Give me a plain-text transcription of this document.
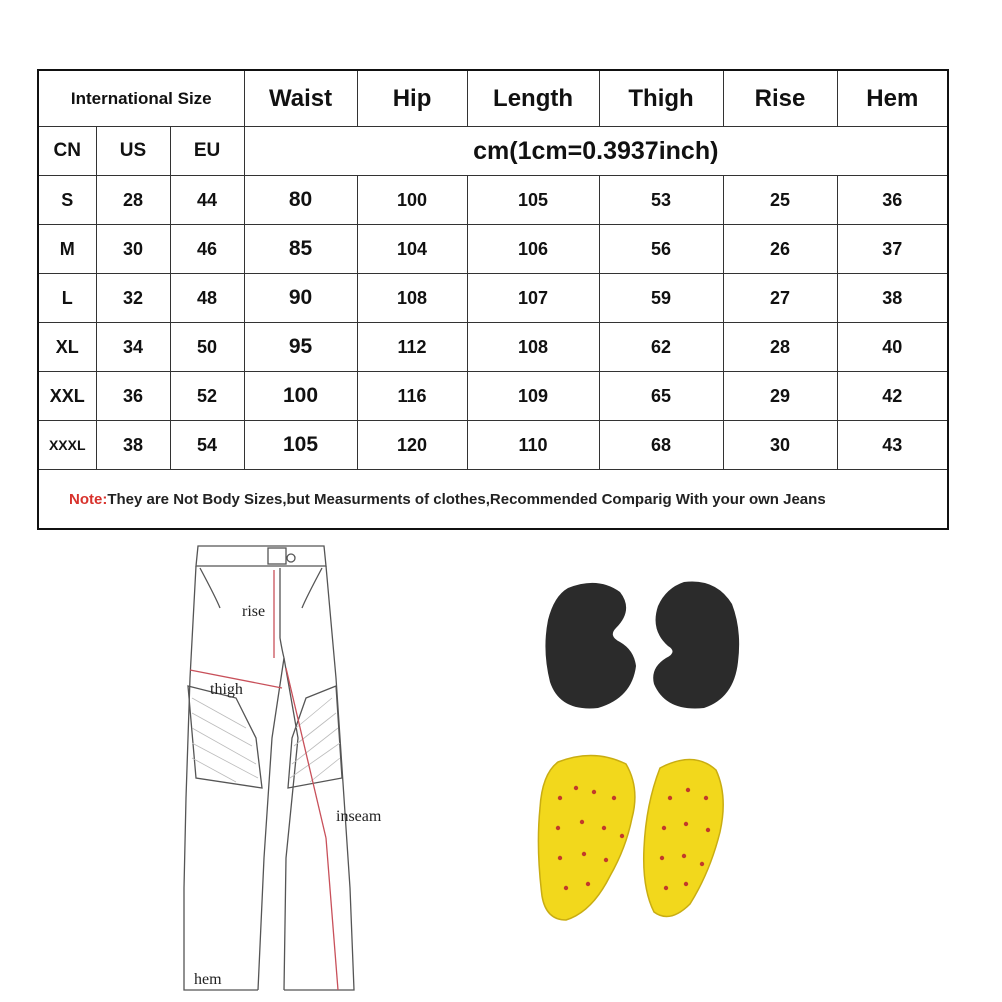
International Size			Waist	Hip	Length	Thigh	Rise	Hem
CN	US	EU	cm(1cm=0.3937inch)					
S	28	44	80	100	105	53	25	36
M	30	46	85	104	106	56	26	37
L	32	48	90	108	107	59	27	38
XL	34	50	95	112	108	62	28	40
XXL	36	52	100	116	109	65	29	42
XXXL	38	54	105	120	110	68	30	43
Note:They are Not Body Sizes,but Measurments of clothes,Recommended Comparig With your own Jeans								
rise
thigh
inseam
hem
